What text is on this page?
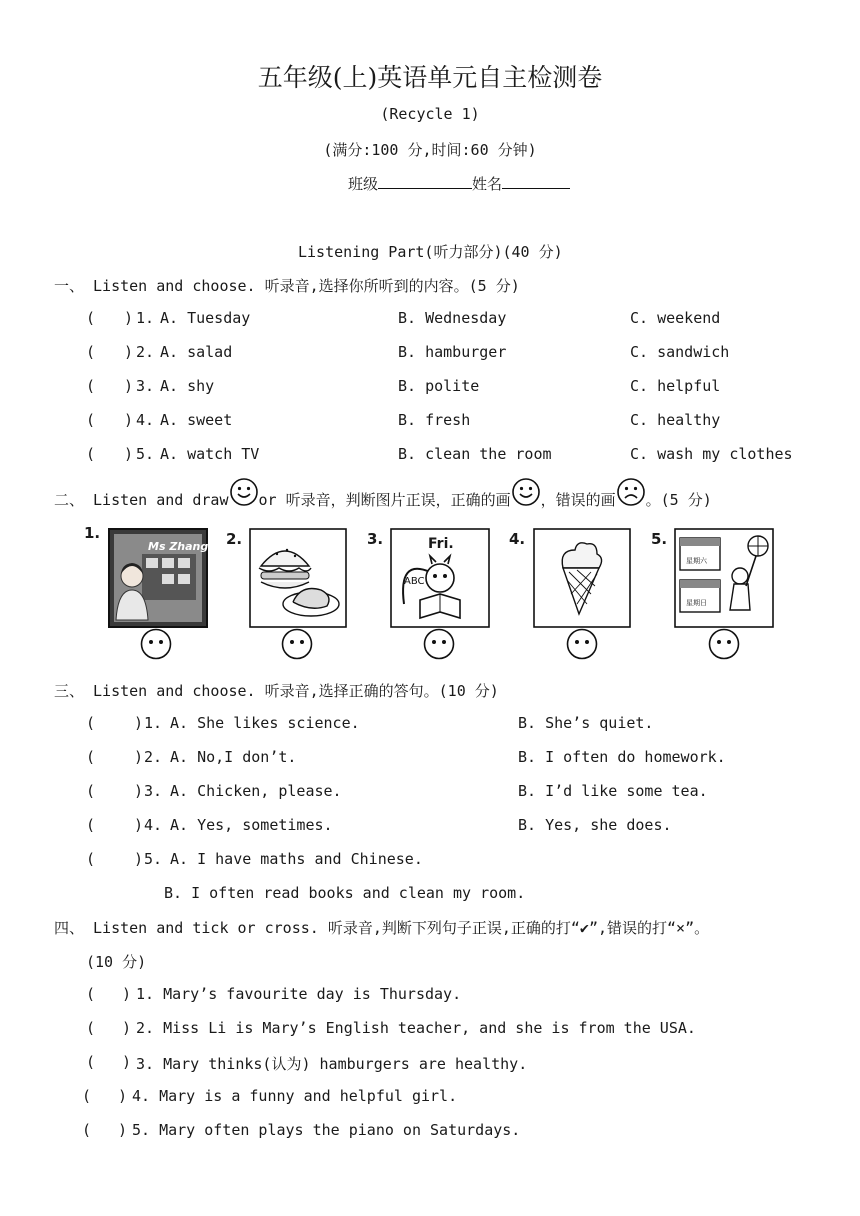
五年级(上)英语单元自主检测卷
(Recycle 1)
(满分:100 分,时间:60 分钟)
班级	姓名
Listening Part(听力部分)(40 分)
一、 Listen and choose. 听录音,选择你所听到的内容。(5 分)
( ) 1. A. Tuesday	B. Wednesday	C. weekend
( ) 2. A. salad	B. hamburger	C. sandwich
( ) 3. A. shy	B. polite	C. helpful
( ) 4. A. sweet	B. fresh	C. healthy
( ) 5. A. watch TV	B. clean the room	C. wash my clothes
二、 Listen and draw or 听录音，判断图片正误，正确的画 ，错误的画 。(5 分)
1.
Ms Zhang 2.	3.
ABC
Fri.	4.	5.
星期六
星期日
三、 Listen and choose. 听录音,选择正确的答句。(10 分)
(	) 1. A. She likes science.	B. She’s quiet.
(	) 2. A. No,I don’t.	B. I often do homework.
(	) 3. A. Chicken, please.	B. I’d like some tea.
(	) 4. A. Yes, sometimes.	B. Yes, she does.
(	) 5. A. I have maths and Chinese.
B. I often read books and clean my room.
四、 Listen and tick or cross. 听录音,判断下列句子正误,正确的打“✔”,错误的打“×”。
(10 分)
( ) 1. Mary’s favourite day is Thursday.
( ) 2. Miss Li is Mary’s English teacher, and she is from the USA.
( ) 3. Mary thinks(认为) hamburgers are healthy.
( ) 4. Mary is a funny and helpful girl.
( ) 5. Mary often plays the piano on Saturdays.
